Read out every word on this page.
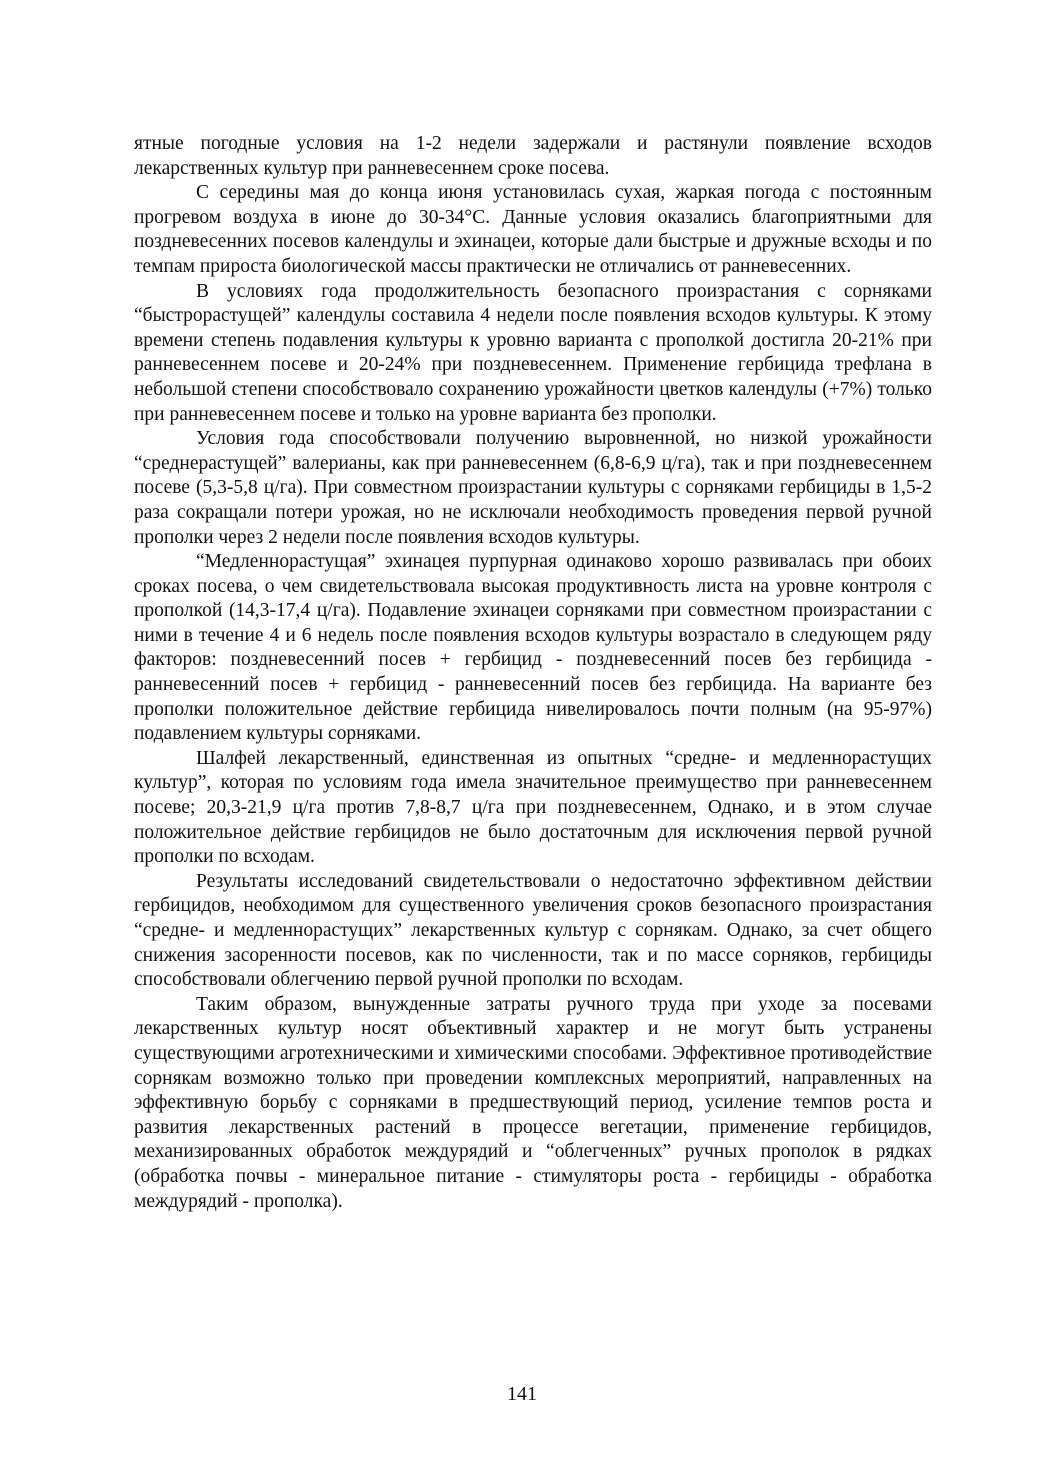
ятные погодные условия на 1-2 недели задержали и растянули появление всходов лекарственных культур при ранневесеннем сроке посева.

С середины мая до конца июня установилась сухая, жаркая погода с постоянным прогревом воздуха в июне до 30-34°С. Данные условия оказались благоприятными для поздневесенних посевов календулы и эхинацеи, которые дали быстрые и дружные всходы и по темпам прироста биологической массы практически не отличались от ранневесенних.

В условиях года продолжительность безопасного произрастания с сорняками “быстрорастущей” календулы составила 4 недели после появления всходов культуры. К этому времени степень подавления культуры к уровню варианта с прополкой достигла 20-21% при ранневесеннем посеве и 20-24% при поздневесеннем. Применение гербицида трефлана в небольшой степени способствовало сохранению урожайности цветков календулы (+7%) только при ранневесеннем посеве и только на уровне варианта без прополки.

Условия года способствовали получению выровненной, но низкой урожайности “среднерастущей” валерианы, как при ранневесеннем (6,8-6,9 ц/га), так и при поздневесеннем посеве (5,3-5,8 ц/га). При совместном произрастании культуры с сорняками гербициды в 1,5-2 раза сокращали потери урожая, но не исключали необходимость проведения первой ручной прополки через 2 недели после появления всходов культуры.

“Медленнорастущая” эхинацея пурпурная одинаково хорошо развивалась при обоих сроках посева, о чем свидетельствовала высокая продуктивность листа на уровне контроля с прополкой (14,3-17,4 ц/га). Подавление эхинацеи сорняками при совместном произрастании с ними в течение 4 и 6 недель после появления всходов культуры возрастало в следующем ряду факторов: поздневесенний посев + гербицид - поздневесенний посев без гербицида - ранневесенний посев + гербицид - ранневесенний посев без гербицида. На варианте без прополки положительное действие гербицида нивелировалось почти полным (на 95-97%) подавлением культуры сорняками.

Шалфей лекарственный, единственная из опытных “средне- и медленнорастущих культур”, которая по условиям года имела значительное преимущество при ранневесеннем посеве; 20,3-21,9 ц/га против 7,8-8,7 ц/га при поздневесеннем, Однако, и в этом случае положительное действие гербицидов не было достаточным для исключения первой ручной прополки по всходам.

Результаты исследований свидетельствовали о недостаточно эффективном действии гербицидов, необходимом для существенного увеличения сроков безопасного произрастания “средне- и медленнорастущих” лекарственных культур с сорнякам. Однако, за счет общего снижения засоренности посевов, как по численности, так и по массе сорняков, гербициды способствовали облегчению первой ручной прополки по всходам.

Таким образом, вынужденные затраты ручного труда при уходе за посевами лекарственных культур носят объективный характер и не могут быть устранены существующими агротехническими и химическими способами. Эффективное противодействие сорнякам возможно только при проведении комплексных мероприятий, направленных на эффективную борьбу с сорняками в предшествующий период, усиление темпов роста и развития лекарственных растений в процессе вегетации, применение гербицидов, механизированных обработок междурядий и “облегченных” ручных прополок в рядках (обработка почвы - минеральное питание - стимуляторы роста - гербициды - обработка междурядий - прополка).

141
